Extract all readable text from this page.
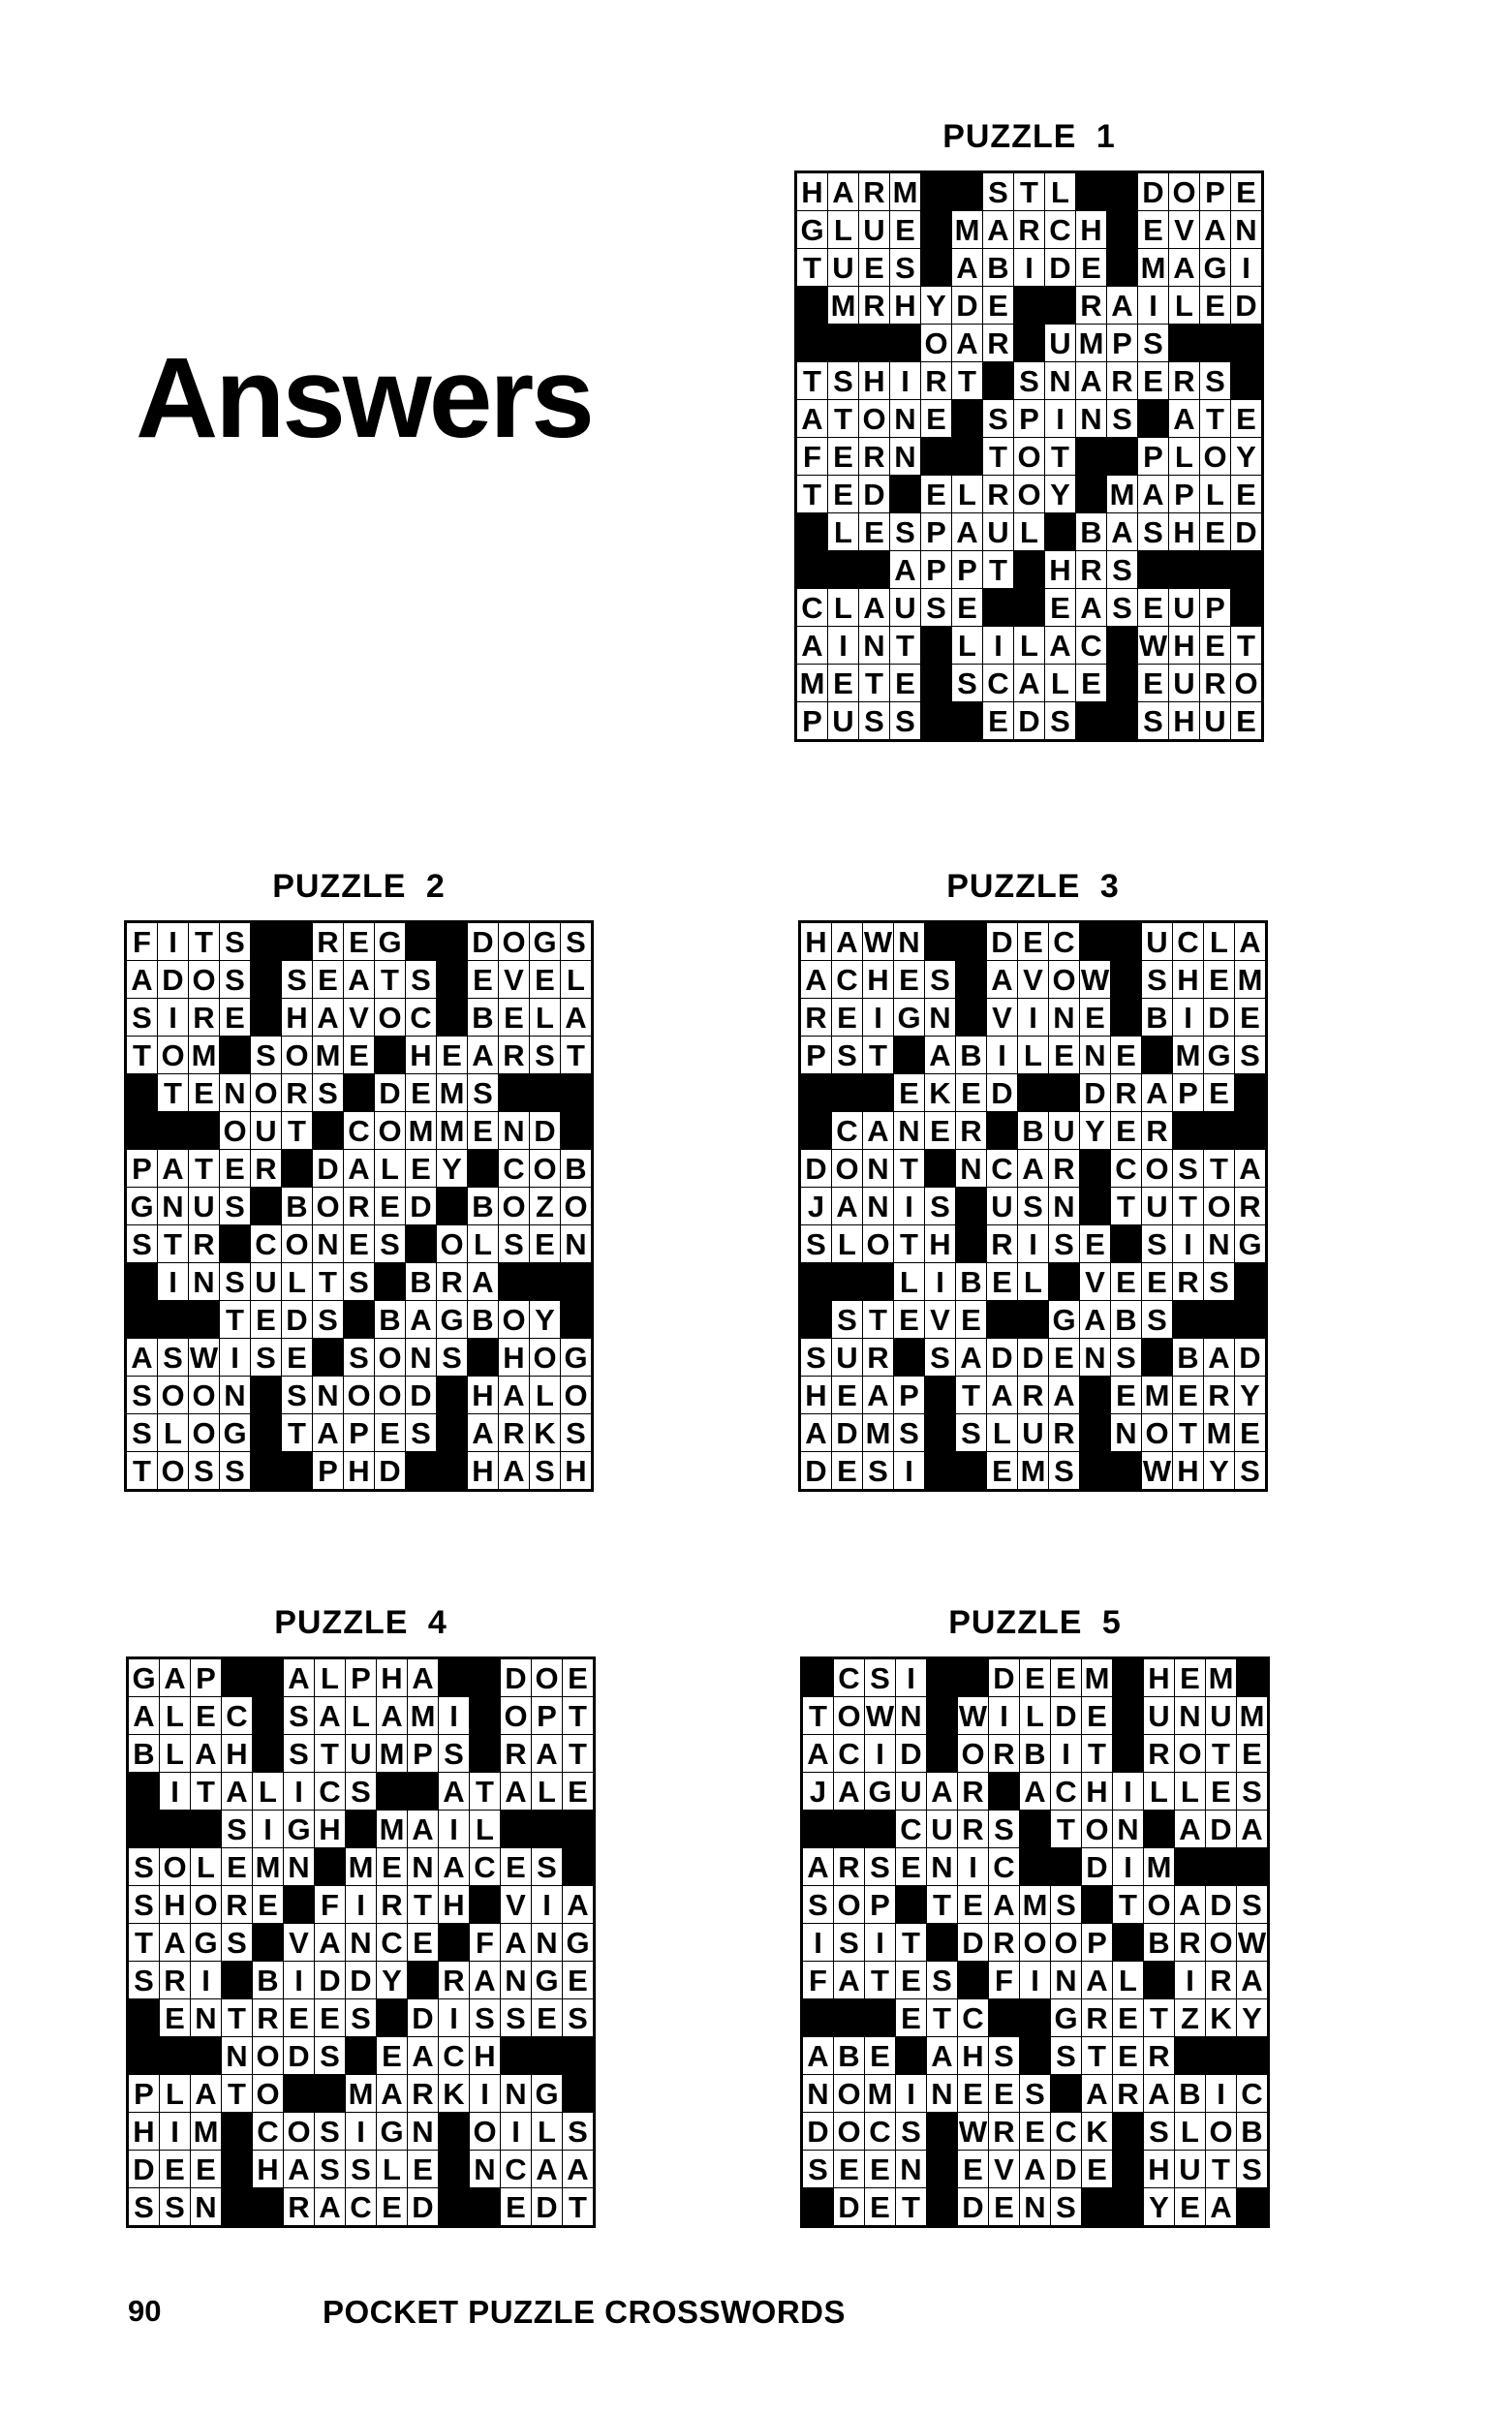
Answers
PUZZLE 1
H A R M S T L D O P E
G L U E M A R C H E V A N
T U E S A B I D E M A G I
M R H Y D E R A I L E D
O A R U M P S
T S H I R T S N A R E R S
A T O N E S P I N S A T E
F E R N T O T P L O Y
T E D E L R O Y M A P L E
L E S P A U L B A S H E D
A P P T H R S
C L A U S E E A S E U P
A I N T L I L A C W H E T
M E T E S C A L E E U R O
P U S S E D S S H U E
PUZZLE 2
F I T S R E G D O G S
A D O S S E A T S E V E L
S I R E H A V O C B E L A
T O M S O M E H E A R S T
T E N O R S D E M S
O U T C O M M E N D
P A T E R D A L E Y C O B
G N U S B O R E D B O Z O
S T R C O N E S O L S E N
I N S U L T S B R A
T E D S B A G B O Y
A S W I S E S O N S H O G
S O O N S N O O D H A L O
S L O G T A P E S A R K S
T O S S P H D H A S H
PUZZLE 3
H A W N D E C U C L A
A C H E S A V O W S H E M
R E I G N V I N E B I D E
P S T A B I L E N E M G S
E K E D D R A P E
C A N E R B U Y E R
D O N T N C A R C O S T A
J A N I S U S N T U T O R
S L O T H R I S E S I N G
L I B E L V E E R S
S T E V E G A B S
S U R S A D D E N S B A D
H E A P T A R A E M E R Y
A D M S S L U R N O T M E
D E S I	E M S W H Y S
PUZZLE 4
G A P A L P H A D O E
A L E C S A L A M I	O P T
B L A H S T U M P S R A T
I T A L I C S A T A L E
S I G H M A I L
S O L E M N M E N A C E S
S H O R E F I R T H V I A
T A G S V A N C E F A N G
S R I	B I D D Y R A N G E
E N T R E E S D I S S E S
N O D S E A C H
P L A T O M A R K I N G
H I M C O S I G N O I L S
D E E H A S S L E N C A A
S S N R A C E D E D T
PUZZLE 5
C S I	D E E M H E M
T O W N W I L D E U N U M
A C I D O R B I T R O T E
J A G U A R A C H I L L E S
C U R S T O N A D A
A R S E N I C D I M
S O P T E A M S T O A D S
I S I T D R O O P B R O W
F A T E S F I N A L	I R A
E T C G R E T Z K Y
A B E A H S S T E R
N O M I N E E S A R A B I C
D O C S W R E C K S L O B
S E E N E V A D E H U T S
D E T D E N S Y E A
90	POCKET PUZZLE CROSSWORDS
